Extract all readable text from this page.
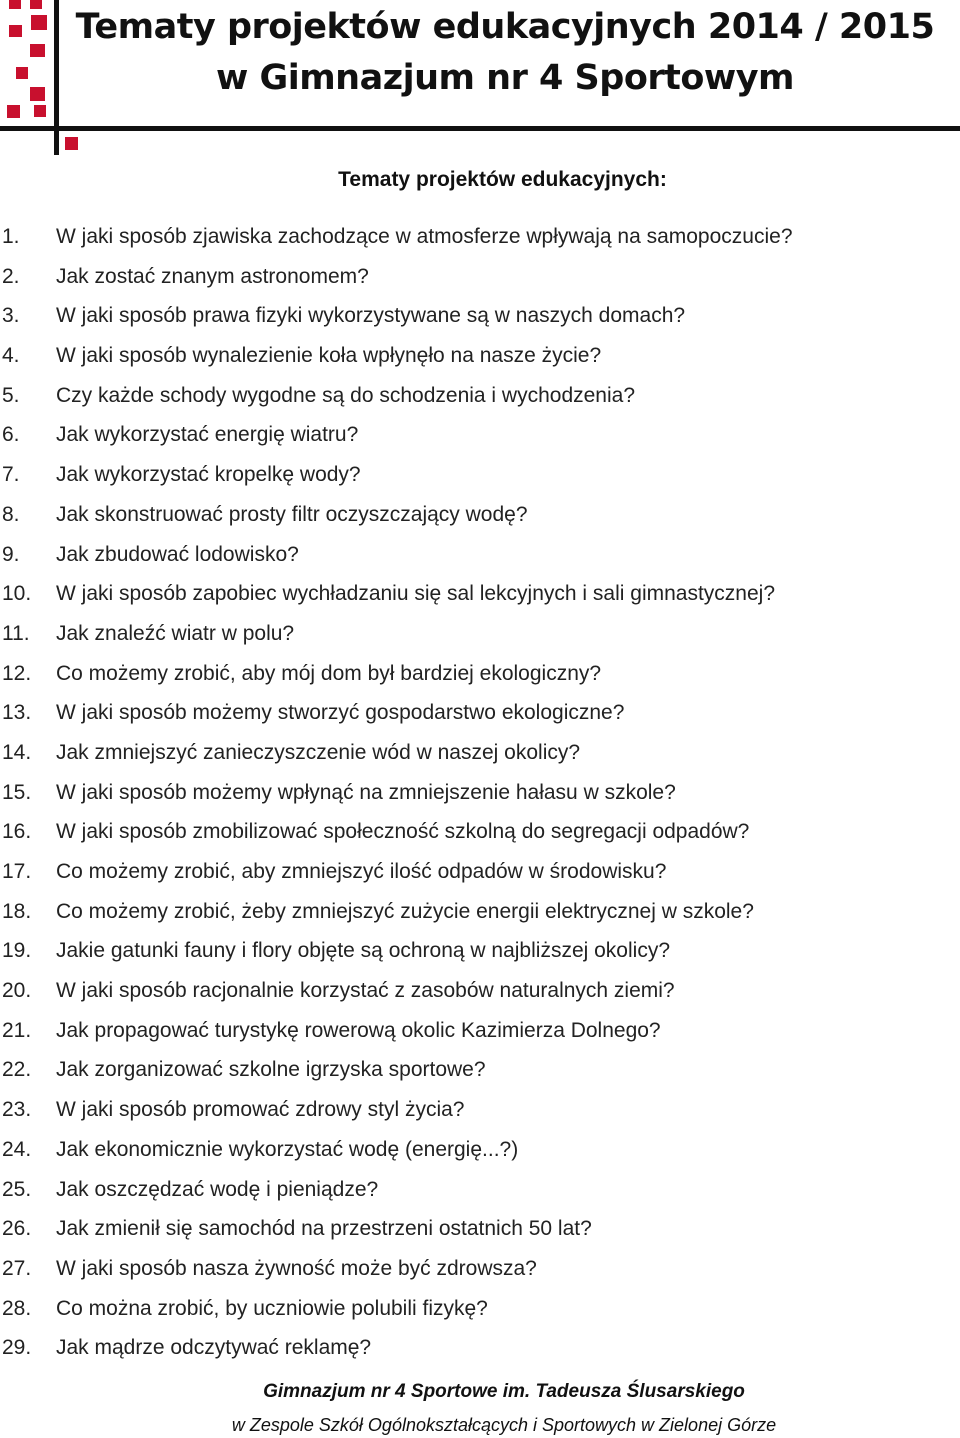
Tematy projektów edukacyjnych 2014 / 2015
w Gimnazjum nr 4 Sportowym
Tematy projektów edukacyjnych:
1. W jaki sposób zjawiska zachodzące w atmosferze wpływają na samopoczucie?
2. Jak zostać znanym astronomem?
3. W jaki sposób prawa fizyki wykorzystywane są w naszych domach?
4. W jaki sposób wynalezienie koła wpłynęło na nasze życie?
5. Czy każde schody wygodne są do schodzenia i wychodzenia?
6. Jak wykorzystać energię wiatru?
7. Jak wykorzystać kropelkę wody?
8. Jak skonstruować prosty filtr oczyszczający wodę?
9. Jak zbudować lodowisko?
10. W jaki sposób zapobiec wychładzaniu się sal lekcyjnych i sali gimnastycznej?
11. Jak znaleźć wiatr w polu?
12. Co możemy zrobić, aby mój dom był bardziej ekologiczny?
13. W jaki sposób możemy stworzyć gospodarstwo ekologiczne?
14. Jak zmniejszyć zanieczyszczenie wód w naszej okolicy?
15. W jaki sposób możemy wpłynąć na zmniejszenie hałasu w szkole?
16. W jaki sposób zmobilizować społeczność szkolną do segregacji odpadów?
17. Co możemy zrobić, aby zmniejszyć ilość odpadów w środowisku?
18. Co możemy zrobić, żeby zmniejszyć zużycie energii elektrycznej w szkole?
19. Jakie gatunki fauny i flory objęte są ochroną w najbliższej okolicy?
20. W jaki sposób racjonalnie korzystać z zasobów naturalnych ziemi?
21. Jak propagować turystykę rowerową okolic Kazimierza Dolnego?
22. Jak zorganizować szkolne igrzyska sportowe?
23. W jaki sposób promować zdrowy styl życia?
24. Jak ekonomicznie wykorzystać wodę (energię...?)
25. Jak oszczędzać wodę i pieniądze?
26. Jak zmienił się samochód na przestrzeni ostatnich 50 lat?
27. W jaki sposób nasza żywność może być zdrowsza?
28. Co można zrobić, by uczniowie polubili fizykę?
29. Jak mądrze odczytywać reklamę?
Gimnazjum nr 4 Sportowe im. Tadeusza Ślusarskiego
w Zespole Szkół Ogólnokształcących i Sportowych w Zielonej Górze
